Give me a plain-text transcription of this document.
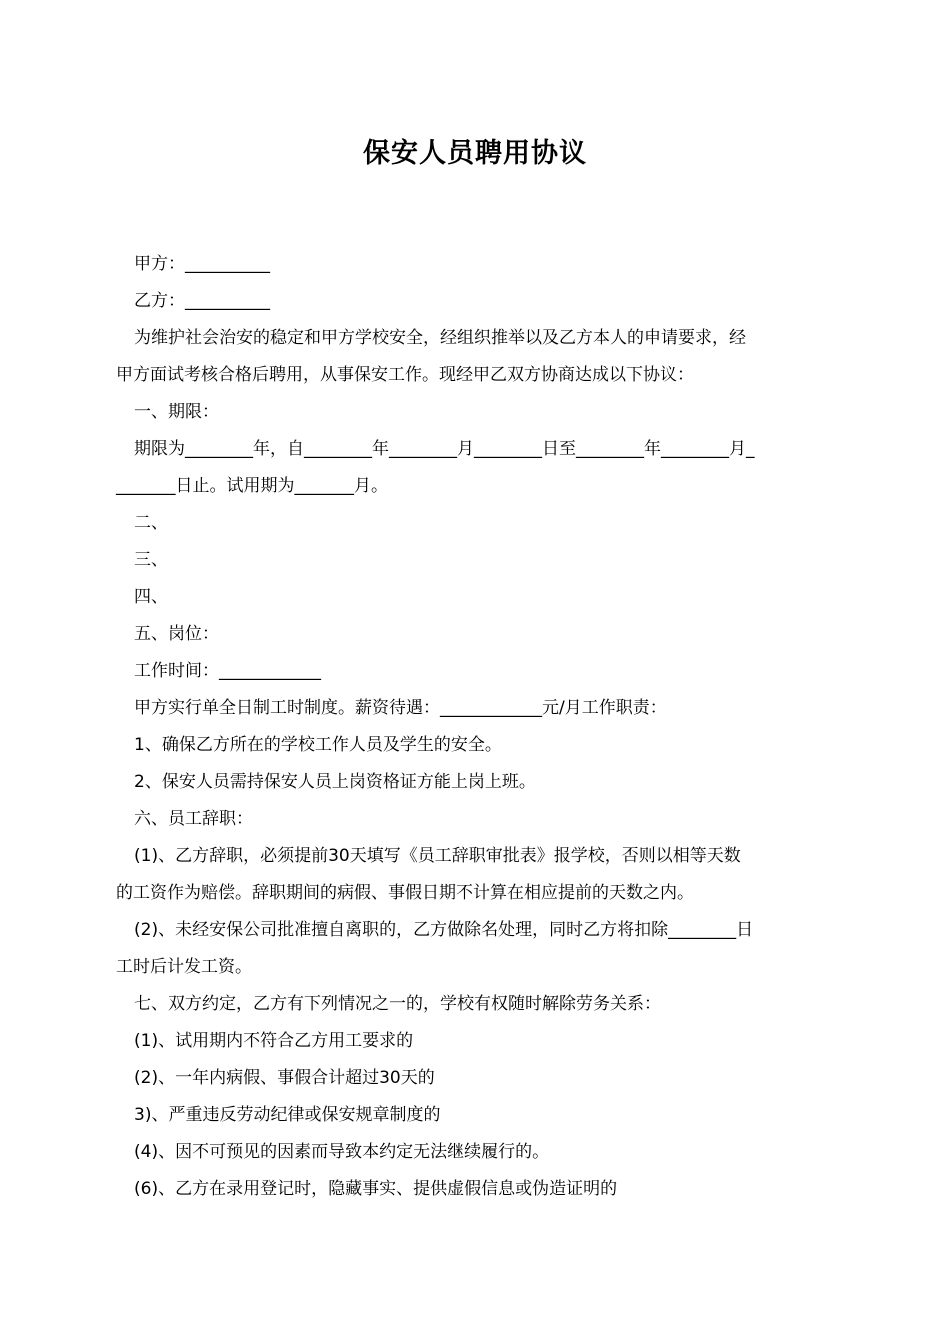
保安人员聘用协议
甲方：__________
乙方：__________
为维护社会治安的稳定和甲方学校安全，经组织推举以及乙方本人的申请要求，经
甲方面试考核合格后聘用，从事保安工作。现经甲乙双方协商达成以下协议：
一、期限：
期限为________年，自________年________月________日至________年________月_
_______日止。试用期为_______月。
二、
三、
四、
五、岗位：
工作时间：____________
甲方实行单全日制工时制度。薪资待遇：____________元/月工作职责：
1、确保乙方所在的学校工作人员及学生的安全。
2、保安人员需持保安人员上岗资格证方能上岗上班。
六、员工辞职：
(1)、乙方辞职，必须提前30天填写《员工辞职审批表》报学校，否则以相等天数
的工资作为赔偿。辞职期间的病假、事假日期不计算在相应提前的天数之内。
(2)、未经安保公司批准擅自离职的，乙方做除名处理，同时乙方将扣除________日
工时后计发工资。
七、双方约定，乙方有下列情况之一的，学校有权随时解除劳务关系：
(1)、试用期内不符合乙方用工要求的
(2)、一年内病假、事假合计超过30天的
3)、严重违反劳动纪律或保安规章制度的
(4)、因不可预见的因素而导致本约定无法继续履行的。
(6)、乙方在录用登记时，隐藏事实、提供虚假信息或伪造证明的
